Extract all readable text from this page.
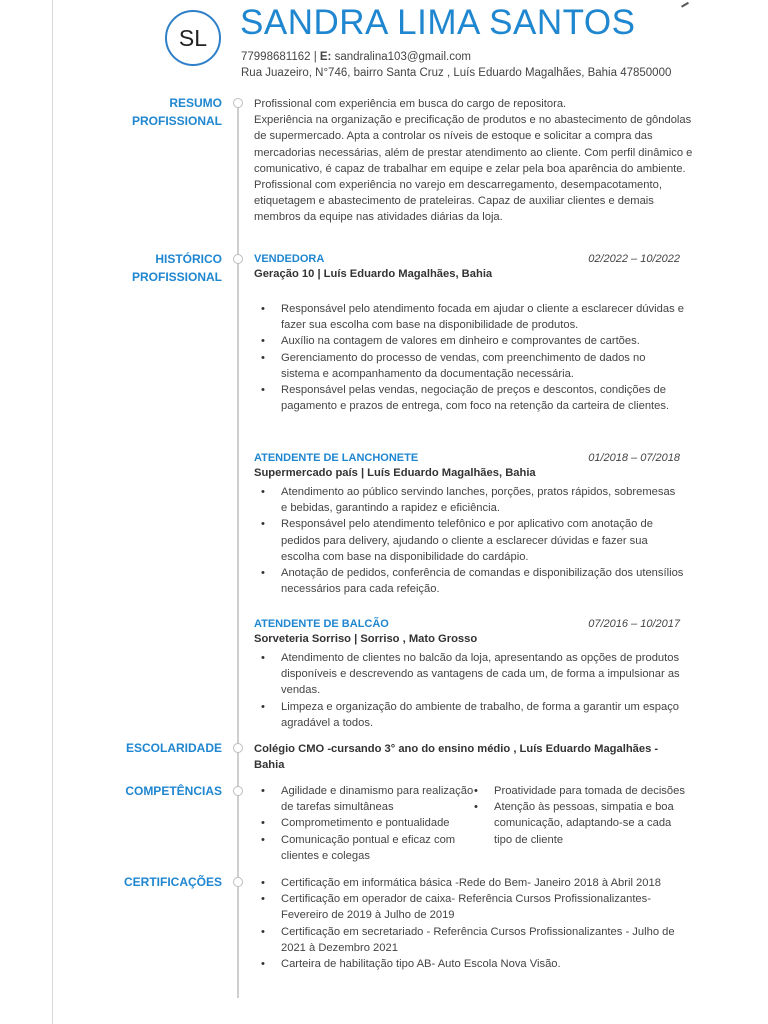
SL SANDRA LIMA SANTOS
77998681162 | E: sandralina103@gmail.com
Rua Juazeiro, N°746, bairro Santa Cruz , Luís Eduardo Magalhães, Bahia 47850000
RESUMO
PROFISSIONAL

Profissional com experiência em busca do cargo de repositora.

Experiência na organização e precificação de produtos e no abastecimento de gôndolas de supermercado. Apta a controlar os níveis de estoque e solicitar a compra das mercadorias necessárias, além de prestar atendimento ao cliente. Com perfil dinâmico e comunicativo, é capaz de trabalhar em equipe e zelar pela boa aparência do ambiente.

Profissional com experiência no varejo em descarregamento, desempacotamento, etiquetagem e abastecimento de prateleiras. Capaz de auxiliar clientes e demais membros da equipe nas atividades diárias da loja.

HISTÓRICO
PROFISSIONAL
VENDEDORA	02/2022 – 10/2022
Geração 10 | Luís Eduardo Magalhães, Bahia
• Responsável pelo atendimento focada em ajudar o cliente a esclarecer dúvidas e fazer sua escolha com base na disponibilidade de produtos.
• Auxílio na contagem de valores em dinheiro e comprovantes de cartões.
• Gerenciamento do processo de vendas, com preenchimento de dados no sistema e acompanhamento da documentação necessária.
• Responsável pelas vendas, negociação de preços e descontos, condições de pagamento e prazos de entrega, com foco na retenção da carteira de clientes.
ATENDENTE DE LANCHONETE	01/2018 – 07/2018
Supermercado país | Luís Eduardo Magalhães, Bahia
• Atendimento ao público servindo lanches, porções, pratos rápidos, sobremesas e bebidas, garantindo a rapidez e eficiência.
• Responsável pelo atendimento telefônico e por aplicativo com anotação de pedidos para delivery, ajudando o cliente a esclarecer dúvidas e fazer sua escolha com base na disponibilidade do cardápio.
• Anotação de pedidos, conferência de comandas e disponibilização dos utensílios necessários para cada refeição.
ATENDENTE DE BALCÃO	07/2016 – 10/2017
Sorveteria Sorriso | Sorriso , Mato Grosso
• Atendimento de clientes no balcão da loja, apresentando as opções de produtos disponíveis e descrevendo as vantagens de cada um, de forma a impulsionar as vendas.
• Limpeza e organização do ambiente de trabalho, de forma a garantir um espaço agradável a todos.
ESCOLARIDADE	Colégio CMO -cursando 3° ano do ensino médio , Luís Eduardo Magalhães - Bahia
COMPETÊNCIAS	• Agilidade e dinamismo para realização de tarefas simultâneas
• Comprometimento e pontualidade
• Comunicação pontual e eficaz com clientes e colegas
• Proatividade para tomada de decisões
• Atenção às pessoas, simpatia e boa comunicação, adaptando-se a cada tipo de cliente
CERTIFICAÇÕES	• Certificação em informática básica -Rede do Bem- Janeiro 2018 à Abril 2018
• Certificação em operador de caixa- Referência Cursos Profissionalizantes- Fevereiro de 2019 à Julho de 2019
• Certificação em secretariado - Referência Cursos Profissionalizantes - Julho de 2021 à Dezembro 2021
• Carteira de habilitação tipo AB- Auto Escola Nova Visão.
